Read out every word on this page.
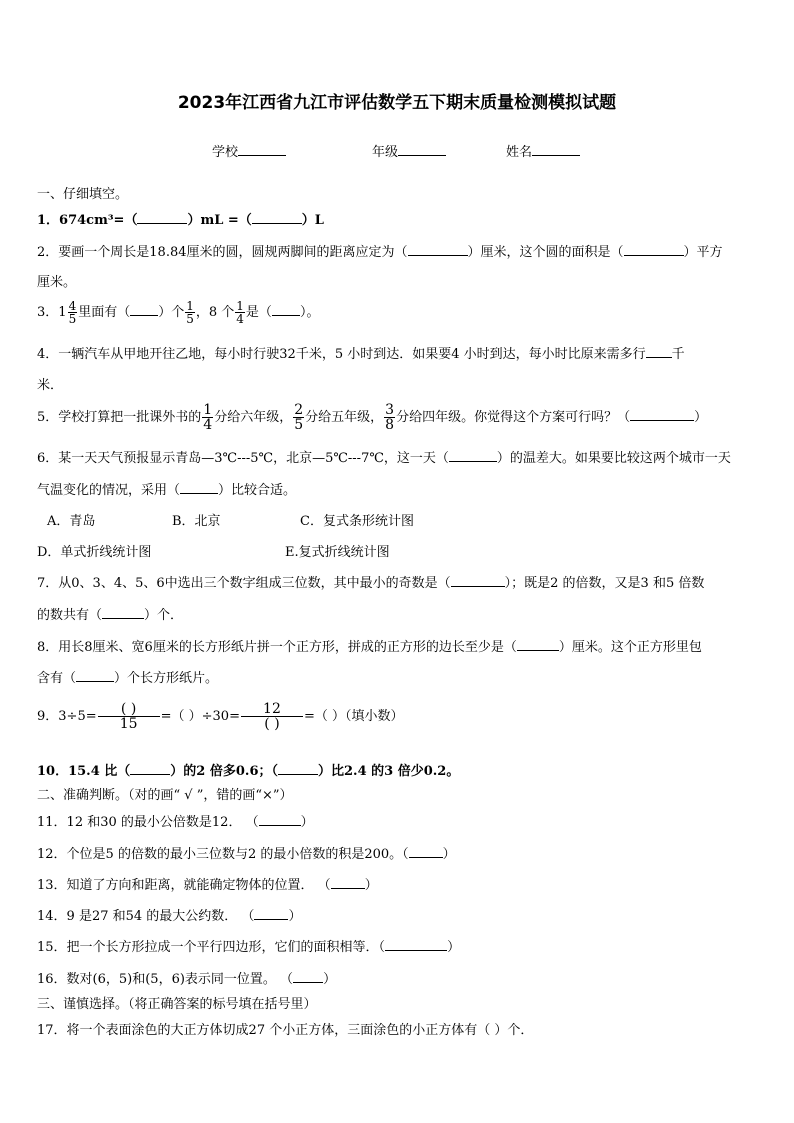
2023年江西省九江市评估数学五下期末质量检测模拟试题
学校	年级	姓名
一、仔细填空。
1．674cm³=（	）mL =（	）L
2．要画一个周长是18.84厘米的圆，圆规两脚间的距离应定为（	）厘米，这个圆的面积是（	）平方
厘米。
3．$1 \frac{4}{5}$ 里面有（ ）个 $\frac{1}{5}$ ，8 个 $\frac{1}{4}$ 是（ ）。
4．一辆汽车从甲地开往乙地，每小时行驶32千米，5 小时到达．如果要4 小时到达，每小时比原来需多行 千
米．
5．学校打算把一批课外书的 $\frac{1}{4}$ 分给六年级， $\frac{2}{5}$ 分给五年级， $\frac{3}{8}$ 分给四年级。你觉得这个方案可行吗？（	）
6．某一天天气预报显示青岛—3℃---5℃，北京—5℃---7℃，这一天（	）的温差大。如果要比较这两个城市一天
气温变化的情况，采用（	）比较合适。
A．青岛	B．北京	C．复式条形统计图
D．单式折线统计图	E.复式折线统计图
7．从0、3、4、5、6中选出三个数字组成三位数，其中最小的奇数是（	）；既是2 的倍数，又是3 和5 倍数
的数共有（	）个．
8．用长8厘米、宽6厘米的长方形纸片拼一个正方形，拼成的正方形的边长至少是（	）厘米。这个正方形里包
含有（	）个长方形纸片。
9．$3\div 5= \frac{( )}{15}$ =（ ）$\div 30= \frac{12}{( )}$ =（ ）（填小数）
10．15.4 比（	）的2 倍多0.6；（	）比2.4 的3 倍少0.2。
二、准确判断。（对的画“ √ ”，错的画“×”）
11．12 和30 的最小公倍数是12． （	）
12．个位是5 的倍数的最小三位数与2 的最小倍数的积是200。（	）
13．知道了方向和距离，就能确定物体的位置． （	）
14．9 是27 和54 的最大公约数． （	）
15．把一个长方形拉成一个平行四边形，它们的面积相等．（	）
16．数对(6，5)和(5，6)表示同一位置。 （ ）
三、谨慎选择。（将正确答案的标号填在括号里）
17．将一个表面涂色的大正方体切成27 个小正方体，三面涂色的小正方体有（ ）个．
